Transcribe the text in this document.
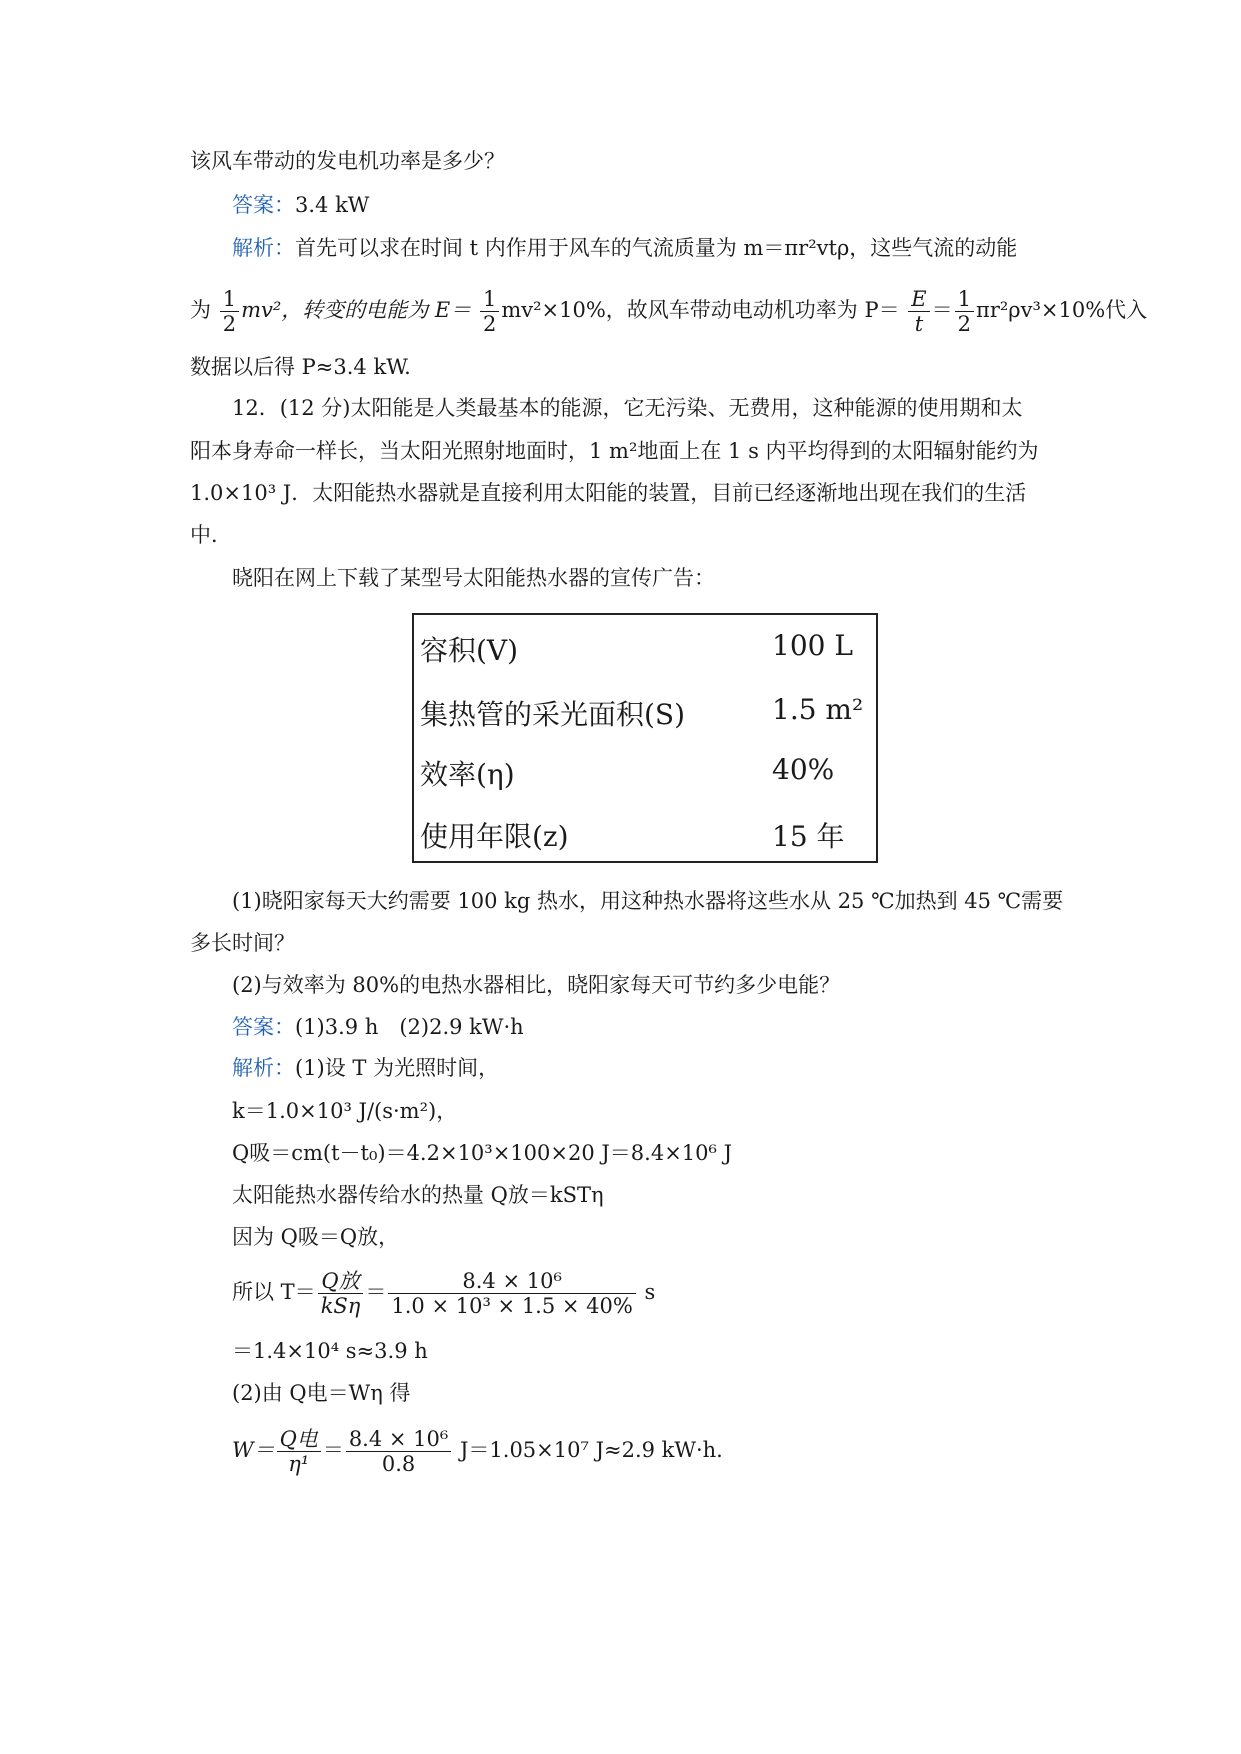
该风车带动的发电机功率是多少？
答案：3.4 kW
解析：首先可以求在时间 t 内作用于风车的气流质量为 m＝πr²vtρ，这些气流的动能
为 $\frac{1}{2} mv^2$，转变的电能为 $E= \frac{1}{2} mv^2\times 10\%$，故风车带动电动机功率为 $P= \frac{E}{t} = \frac{1}{2} \pi r^2\rho v^3\times 10\%$代入
数据以后得 P≈3.4 kW.
12．(12 分)太阳能是人类最基本的能源，它无污染、无费用，这种能源的使用期和太
阳本身寿命一样长，当太阳光照射地面时，1 m²地面上在 1 s 内平均得到的太阳辐射能约为
1.0×10³ J．太阳能热水器就是直接利用太阳能的装置，目前已经逐渐地出现在我们的生活
中．
晓阳在网上下载了某型号太阳能热水器的宣传广告：
容积(V)	100 L
集热管的采光面积(S)	1.5 m²
效率(η)	40%
使用年限(z)	15 年
(1)晓阳家每天大约需要 100 kg 热水，用这种热水器将这些水从 25 ℃加热到 45 ℃需要
多长时间？
(2)与效率为 80%的电热水器相比，晓阳家每天可节约多少电能？
答案：(1)3.9 h　(2)2.9 kW·h
解析：(1)设 T 为光照时间，
k＝1.0×10³ J/(s·m²)，
Q吸＝cm(t－t₀)＝4.2×10³×100×20 J＝8.4×10⁶ J
太阳能热水器传给水的热量 Q放＝kSTη
因为 Q吸＝Q放，
所以 $T= \frac{\text{Q放}}{\text{kSη}} = \frac{\text{8.4 × 10⁶}}{\text{1.0 × 10³ × 1.5 × 40\%}}$ s
＝1.4×10⁴ s≈3.9 h
(2)由 Q电＝Wη 得
$W= \frac{\text{Q电}}{\text{η¹}} = \frac{\text{8.4 × 10⁶}}{0.8} J=1.05\times 10^7$ J≈2.9 kW·h.
